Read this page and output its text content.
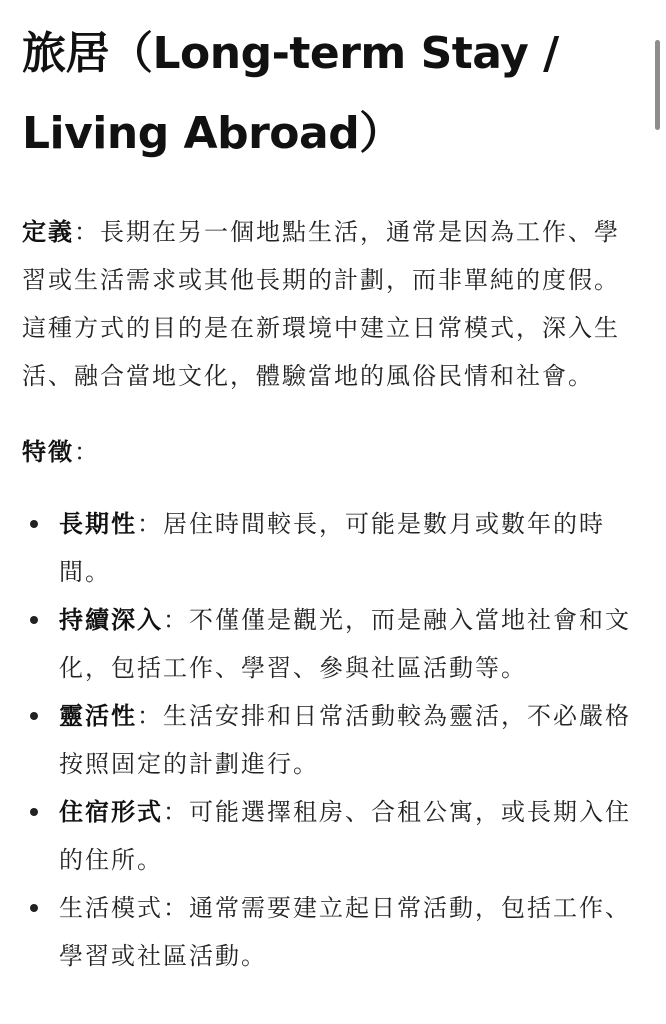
旅居（Long-term Stay /
Living Abroad）

定義：長期在另一個地點生活，通常是因為工作、學習或生活需求或其他長期的計劃，而非單純的度假。這種方式的目的是在新環境中建立日常模式，深入生活、融合當地文化，體驗當地的風俗民情和社會。

特徵：
長期性：居住時間較長，可能是數月或數年的時間。
持續深入：不僅僅是觀光，而是融入當地社會和文化，包括工作、學習、參與社區活動等。
靈活性：生活安排和日常活動較為靈活，不必嚴格按照固定的計劃進行。
住宿形式：可能選擇租房、合租公寓，或長期入住的住所。
生活模式：通常需要建立起日常活動，包括工作、學習或社區活動。
